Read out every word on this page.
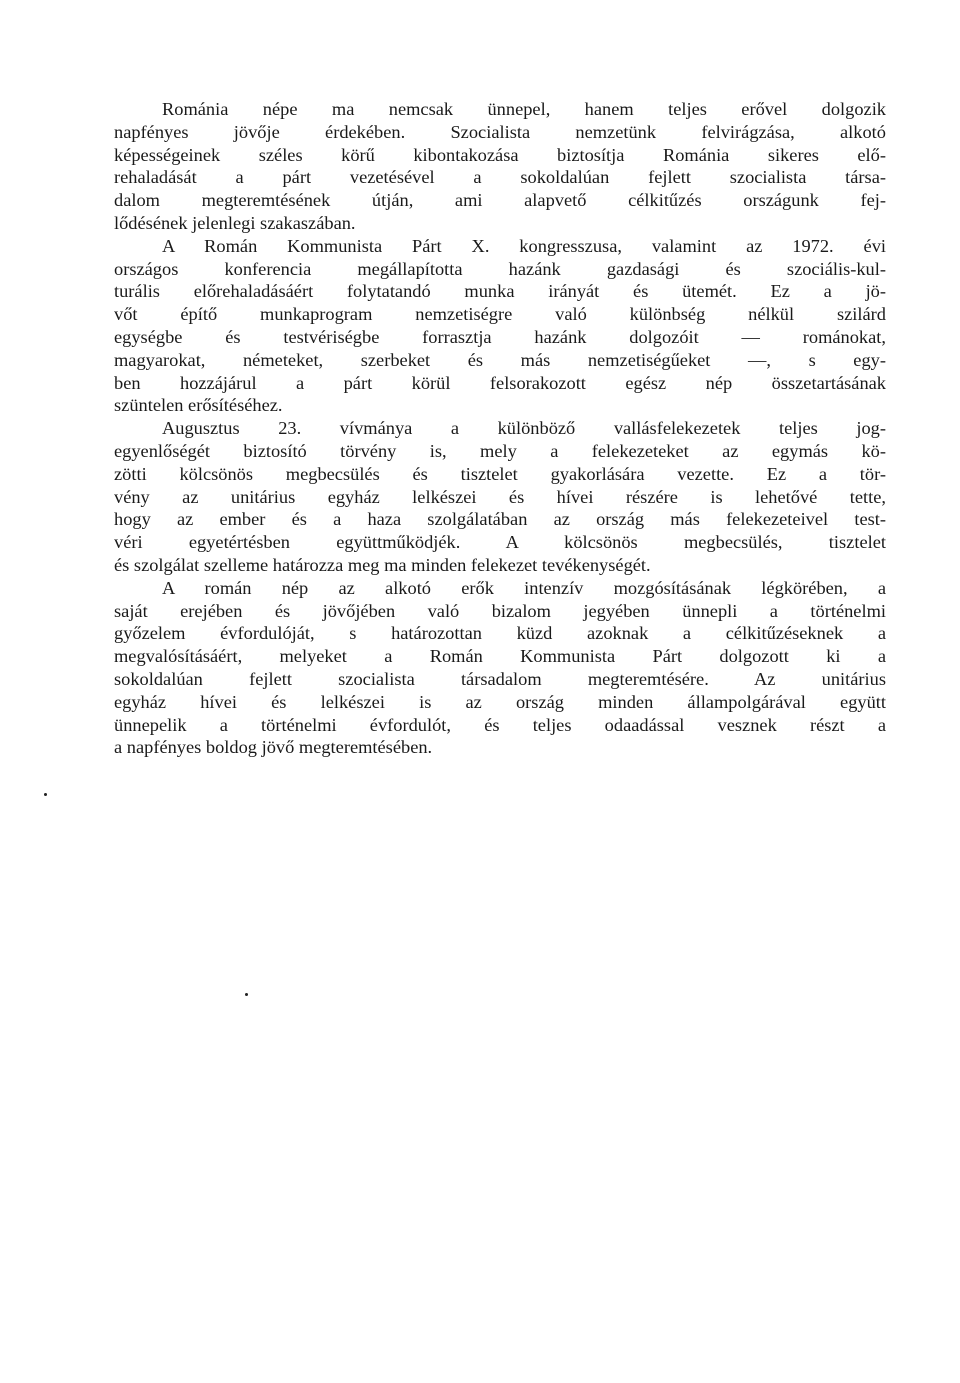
Románia népe ma nemcsak ünnepel, hanem teljes erővel dolgozik
napfényes jövője érdekében. Szocialista nemzetünk felvirágzása, alkotó
képességeinek széles körű kibontakozása biztosítja Románia sikeres elő-
rehaladását a párt vezetésével a sokoldalúan fejlett szocialista társa-
dalom megteremtésének útján, ami alapvető célkitűzés országunk fej-
lődésének jelenlegi szakaszában.
A Román Kommunista Párt X. kongresszusa, valamint az 1972. évi
országos konferencia megállapította hazánk gazdasági és szociális-kul-
turális előrehaladásáért folytatandó munka irányát és ütemét. Ez a jö-
vőt építő munkaprogram nemzetiségre való különbség nélkül szilárd
egységbe és testvériségbe forrasztja hazánk dolgozóit — románokat,
magyarokat, németeket, szerbeket és más nemzetiségűeket —, s egy-
ben hozzájárul a párt körül felsorakozott egész nép összetartásának
szüntelen erősítéséhez.
Augusztus 23. vívmánya a különböző vallásfelekezetek teljes jog-
egyenlőségét biztosító törvény is, mely a felekezeteket az egymás kö-
zötti kölcsönös megbecsülés és tisztelet gyakorlására vezette. Ez a tör-
vény az unitárius egyház lelkészei és hívei részére is lehetővé tette,
hogy az ember és a haza szolgálatában az ország más felekezeteivel test-
véri egyetértésben együttműködjék. A kölcsönös megbecsülés, tisztelet
és szolgálat szelleme határozza meg ma minden felekezet tevékenységét.
A román nép az alkotó erők intenzív mozgósításának légkörében, a
saját erejében és jövőjében való bizalom jegyében ünnepli a történelmi
győzelem évfordulóját, s határozottan küzd azoknak a célkitűzéseknek a
megvalósításáért, melyeket a Román Kommunista Párt dolgozott ki a
sokoldalúan fejlett szocialista társadalom megteremtésére. Az unitárius
egyház hívei és lelkészei is az ország minden állampolgárával együtt
ünnepelik a történelmi évfordulót, és teljes odaadással vesznek részt a
a napfényes boldog jövő megteremtésében.
